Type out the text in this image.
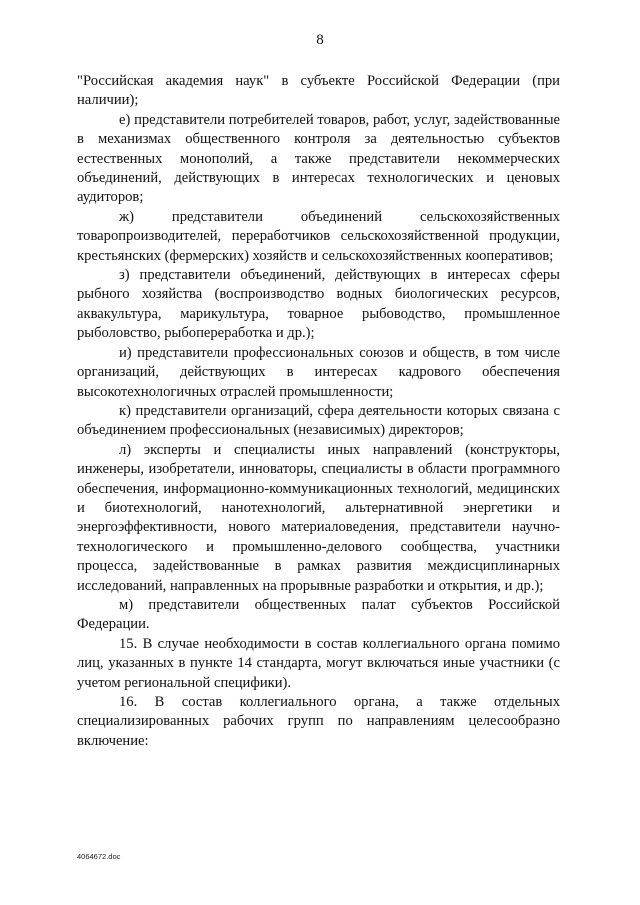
8

"Российская академия наук" в субъекте Российской Федерации (при наличии);

е) представители потребителей товаров, работ, услуг, задействованные в механизмах общественного контроля за деятельностью субъектов естественных монополий, а также представители некоммерческих объединений, действующих в интересах технологических и ценовых аудиторов;

ж) представители объединений сельскохозяйственных товаропроизводителей, переработчиков сельскохозяйственной продукции, крестьянских (фермерских) хозяйств и сельскохозяйственных кооперативов;

з) представители объединений, действующих в интересах сферы рыбного хозяйства (воспроизводство водных биологических ресурсов, аквакультура, марикультура, товарное рыбоводство, промышленное рыболовство, рыбопереработка и др.);

и) представители профессиональных союзов и обществ, в том числе организаций, действующих в интересах кадрового обеспечения высокотехнологичных отраслей промышленности;

к) представители организаций, сфера деятельности которых связана с объединением профессиональных (независимых) директоров;

л) эксперты и специалисты иных направлений (конструкторы, инженеры, изобретатели, инноваторы, специалисты в области программного обеспечения, информационно-коммуникационных технологий, медицинских и биотехнологий, нанотехнологий, альтернативной энергетики и энергоэффективности, нового материаловедения, представители научно-технологического и промышленно-делового сообщества, участники процесса, задействованные в рамках развития междисциплинарных исследований, направленных на прорывные разработки и открытия, и др.);

м) представители общественных палат субъектов Российской Федерации.

15. В случае необходимости в состав коллегиального органа помимо лиц, указанных в пункте 14 стандарта, могут включаться иные участники (с учетом региональной специфики).

16. В состав коллегиального органа, а также отдельных специализированных рабочих групп по направлениям целесообразно включение:

4064672.doc
